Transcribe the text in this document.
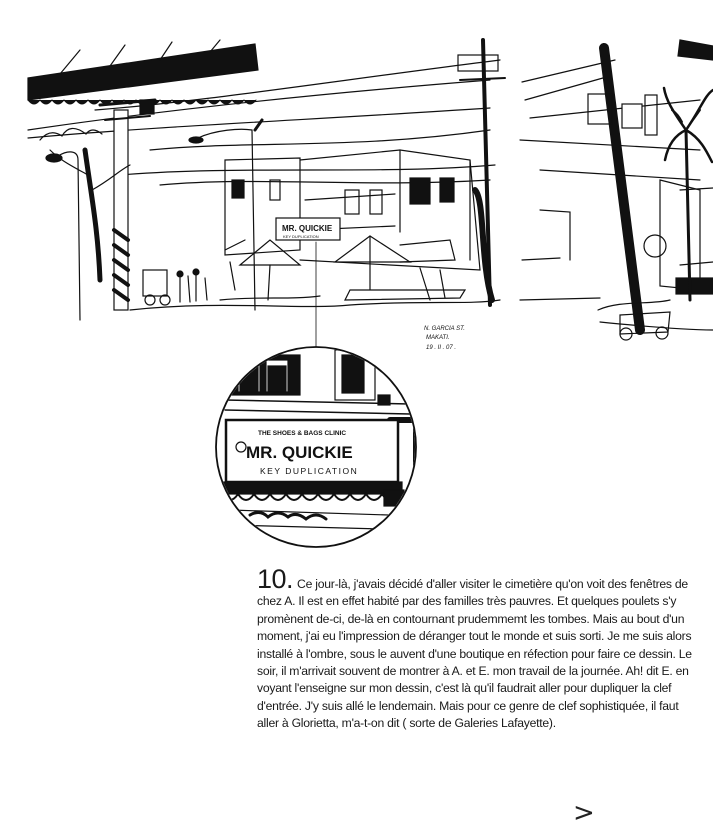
MR. QUICKIE
KEY DUPLICATION
N. GARCIA ST.
MAKATI.
19 . II . 07 .
THE SHOES & BAGS CLINIC
MR. QUICKIE
KEY DUPLICATION
10. Ce jour-là, j'avais décidé d'aller visiter le cimetière qu'on voit des fenêtres de chez A. Il est en effet habité par des familles très pauvres. Et quelques poulets s'y promènent de-ci, de-là en contournant prudemmemt les tombes. Mais au bout d'un moment, j'ai eu l'impression de déranger tout le monde et suis sorti. Je me suis alors installé à l'ombre, sous le auvent d'une boutique en réfection pour faire ce dessin. Le soir, il m'arrivait souvent de montrer à A. et E. mon travail de la journée. Ah! dit E. en voyant l'enseigne sur mon dessin, c'est là qu'il faudrait aller pour dupliquer la clef d'entrée. J'y suis allé le lendemain. Mais pour ce genre de clef sophistiquée, il faut aller à Glorietta, m'a-t-on dit ( sorte de Galeries Lafayette).
>
